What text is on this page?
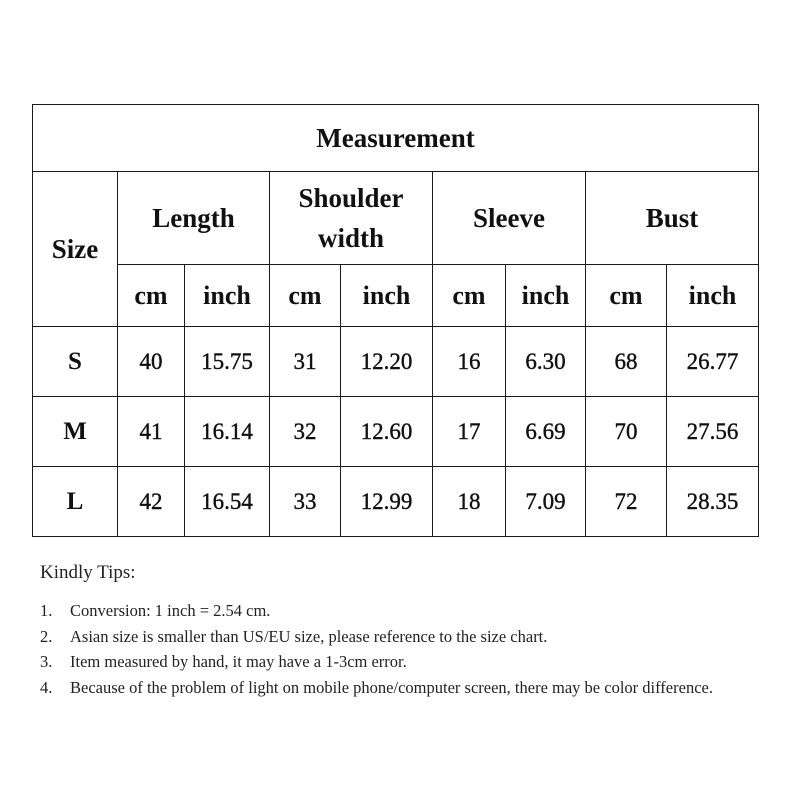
Measurement								
Size	Length		Shoulder width		Sleeve		Bust	
	cm	inch	cm	inch	cm	inch	cm	inch
S	40	15.75	31	12.20	16	6.30	68	26.77
M	41	16.14	32	12.60	17	6.69	70	27.56
L	42	16.54	33	12.99	18	7.09	72	28.35

Kindly Tips:

1. Conversion: 1 inch = 2.54 cm.
2. Asian size is smaller than US/EU size, please reference to the size chart.
3. Item measured by hand, it may have a 1-3cm error.
4. Because of the problem of light on mobile phone/computer screen, there may be color difference.
